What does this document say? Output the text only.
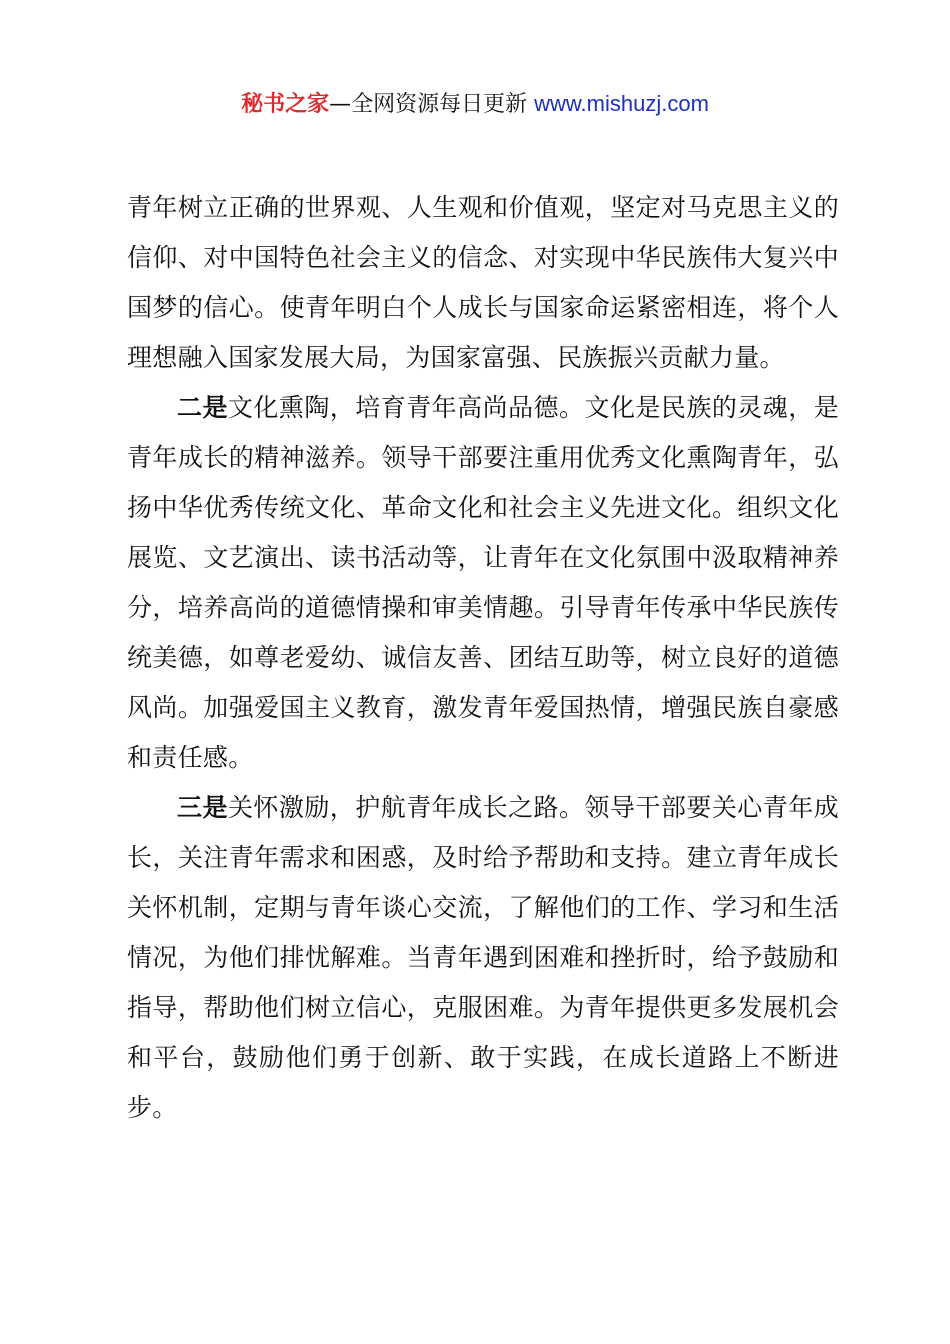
秘书之家—全网资源每日更新 www.mishuzj.com

青年树立正确的世界观、人生观和价值观，坚定对马克思主义的信仰、对中国特色社会主义的信念、对实现中华民族伟大复兴中国梦的信心。使青年明白个人成长与国家命运紧密相连，将个人理想融入国家发展大局，为国家富强、民族振兴贡献力量。

二是文化熏陶，培育青年高尚品德。文化是民族的灵魂，是青年成长的精神滋养。领导干部要注重用优秀文化熏陶青年，弘扬中华优秀传统文化、革命文化和社会主义先进文化。组织文化展览、文艺演出、读书活动等，让青年在文化氛围中汲取精神养分，培养高尚的道德情操和审美情趣。引导青年传承中华民族传统美德，如尊老爱幼、诚信友善、团结互助等，树立良好的道德风尚。加强爱国主义教育，激发青年爱国热情，增强民族自豪感和责任感。

三是关怀激励，护航青年成长之路。领导干部要关心青年成长，关注青年需求和困惑，及时给予帮助和支持。建立青年成长关怀机制，定期与青年谈心交流，了解他们的工作、学习和生活情况，为他们排忧解难。当青年遇到困难和挫折时，给予鼓励和指导，帮助他们树立信心，克服困难。为青年提供更多发展机会和平台，鼓励他们勇于创新、敢于实践，在成长道路上不断进步。
